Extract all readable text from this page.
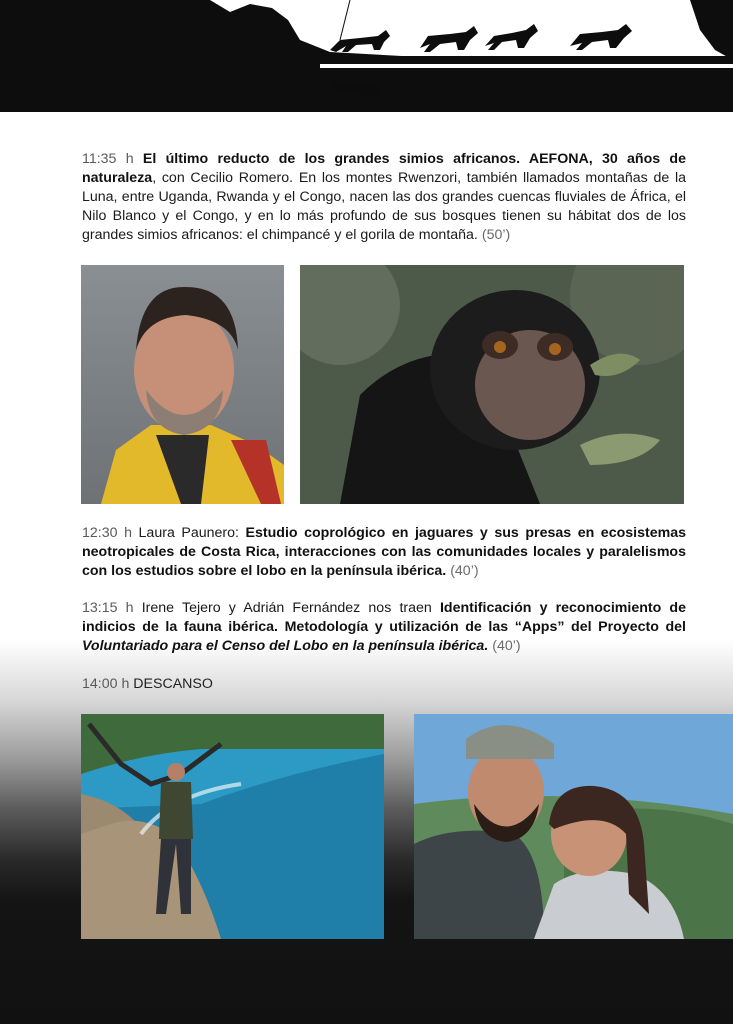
11:35 h El último reducto de los grandes simios africanos. AEFONA, 30 años de naturaleza, con Cecilio Romero. En los montes Rwenzori, también llamados montañas de la Luna, entre Uganda, Rwanda y el Congo, nacen las dos grandes cuencas fluviales de África, el Nilo Blanco y el Congo, y en lo más profundo de sus bosques tienen su hábitat dos de los grandes simios africanos: el chimpancé y el gorila de montaña. (50’)
12:30 h Laura Paunero: Estudio coprológico en jaguares y sus presas en ecosistemas neotropicales de Costa Rica, interacciones con las comunidades locales y paralelismos con los estudios sobre el lobo en la península ibérica. (40’)
13:15 h Irene Tejero y Adrián Fernández nos traen Identificación y reconocimiento de indicios de la fauna ibérica. Metodología y utilización de las “Apps” del Proyecto del Voluntariado para el Censo del Lobo en la península ibérica. (40’)
14:00 h DESCANSO
